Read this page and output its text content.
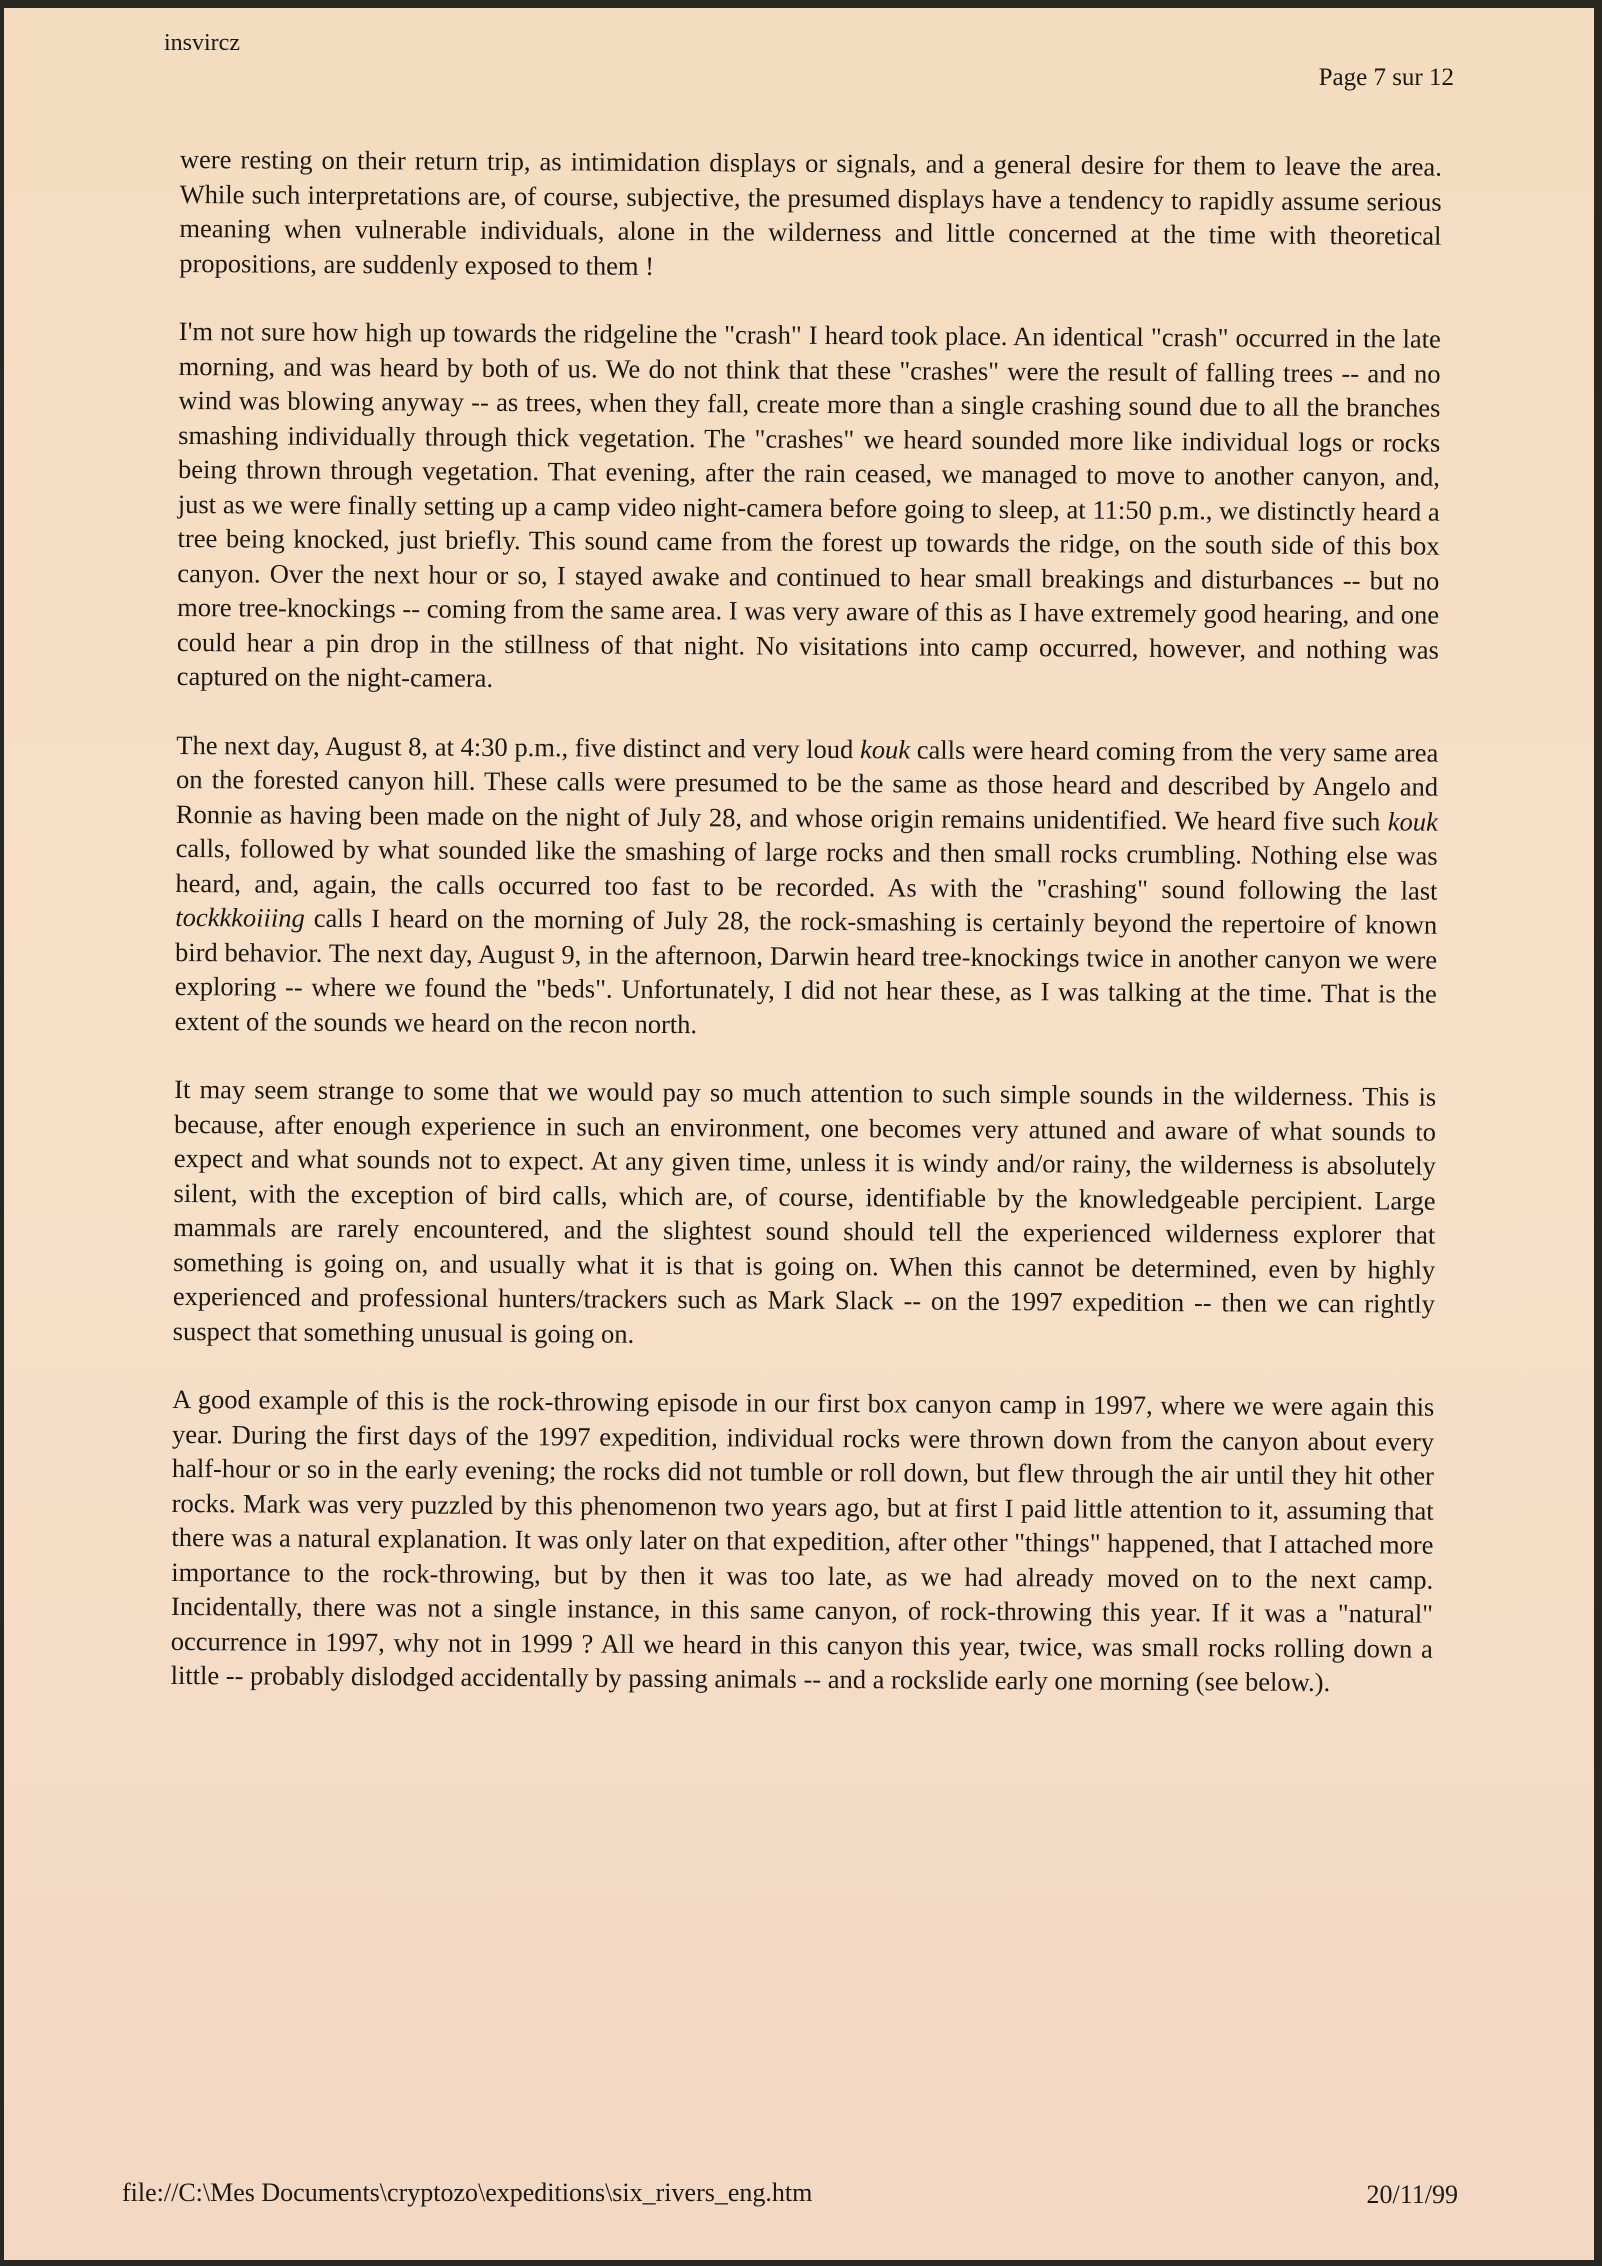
insvircz
Page 7 sur 12

were resting on their return trip, as intimidation displays or signals, and a general desire for them to leave the area. While such interpretations are, of course, subjective, the presumed displays have a tendency to rapidly assume serious meaning when vulnerable individuals, alone in the wilderness and little concerned at the time with theoretical propositions, are suddenly exposed to them !

I'm not sure how high up towards the ridgeline the "crash" I heard took place. An identical "crash" occurred in the late morning, and was heard by both of us. We do not think that these "crashes" were the result of falling trees -- and no wind was blowing anyway -- as trees, when they fall, create more than a single crashing sound due to all the branches smashing individually through thick vegetation. The "crashes" we heard sounded more like individual logs or rocks being thrown through vegetation. That evening, after the rain ceased, we managed to move to another canyon, and, just as we were finally setting up a camp video night-camera before going to sleep, at 11:50 p.m., we distinctly heard a tree being knocked, just briefly. This sound came from the forest up towards the ridge, on the south side of this box canyon. Over the next hour or so, I stayed awake and continued to hear small breakings and disturbances -- but no more tree-knockings -- coming from the same area. I was very aware of this as I have extremely good hearing, and one could hear a pin drop in the stillness of that night. No visitations into camp occurred, however, and nothing was captured on the night-camera.

The next day, August 8, at 4:30 p.m., five distinct and very loud kouk calls were heard coming from the very same area on the forested canyon hill. These calls were presumed to be the same as those heard and described by Angelo and Ronnie as having been made on the night of July 28, and whose origin remains unidentified. We heard five such kouk calls, followed by what sounded like the smashing of large rocks and then small rocks crumbling. Nothing else was heard, and, again, the calls occurred too fast to be recorded. As with the "crashing" sound following the last tockkkoiiing calls I heard on the morning of July 28, the rock-smashing is certainly beyond the repertoire of known bird behavior. The next day, August 9, in the afternoon, Darwin heard tree-knockings twice in another canyon we were exploring -- where we found the "beds". Unfortunately, I did not hear these, as I was talking at the time. That is the extent of the sounds we heard on the recon north.

It may seem strange to some that we would pay so much attention to such simple sounds in the wilderness. This is because, after enough experience in such an environment, one becomes very attuned and aware of what sounds to expect and what sounds not to expect. At any given time, unless it is windy and/or rainy, the wilderness is absolutely silent, with the exception of bird calls, which are, of course, identifiable by the knowledgeable percipient. Large mammals are rarely encountered, and the slightest sound should tell the experienced wilderness explorer that something is going on, and usually what it is that is going on. When this cannot be determined, even by highly experienced and professional hunters/trackers such as Mark Slack -- on the 1997 expedition -- then we can rightly suspect that something unusual is going on.

A good example of this is the rock-throwing episode in our first box canyon camp in 1997, where we were again this year. During the first days of the 1997 expedition, individual rocks were thrown down from the canyon about every half-hour or so in the early evening; the rocks did not tumble or roll down, but flew through the air until they hit other rocks. Mark was very puzzled by this phenomenon two years ago, but at first I paid little attention to it, assuming that there was a natural explanation. It was only later on that expedition, after other "things" happened, that I attached more importance to the rock-throwing, but by then it was too late, as we had already moved on to the next camp. Incidentally, there was not a single instance, in this same canyon, of rock-throwing this year. If it was a "natural" occurrence in 1997, why not in 1999 ? All we heard in this canyon this year, twice, was small rocks rolling down a little -- probably dislodged accidentally by passing animals -- and a rockslide early one morning (see below.).

file://C:\Mes Documents\cryptozo\expeditions\six_rivers_eng.htm	20/11/99
